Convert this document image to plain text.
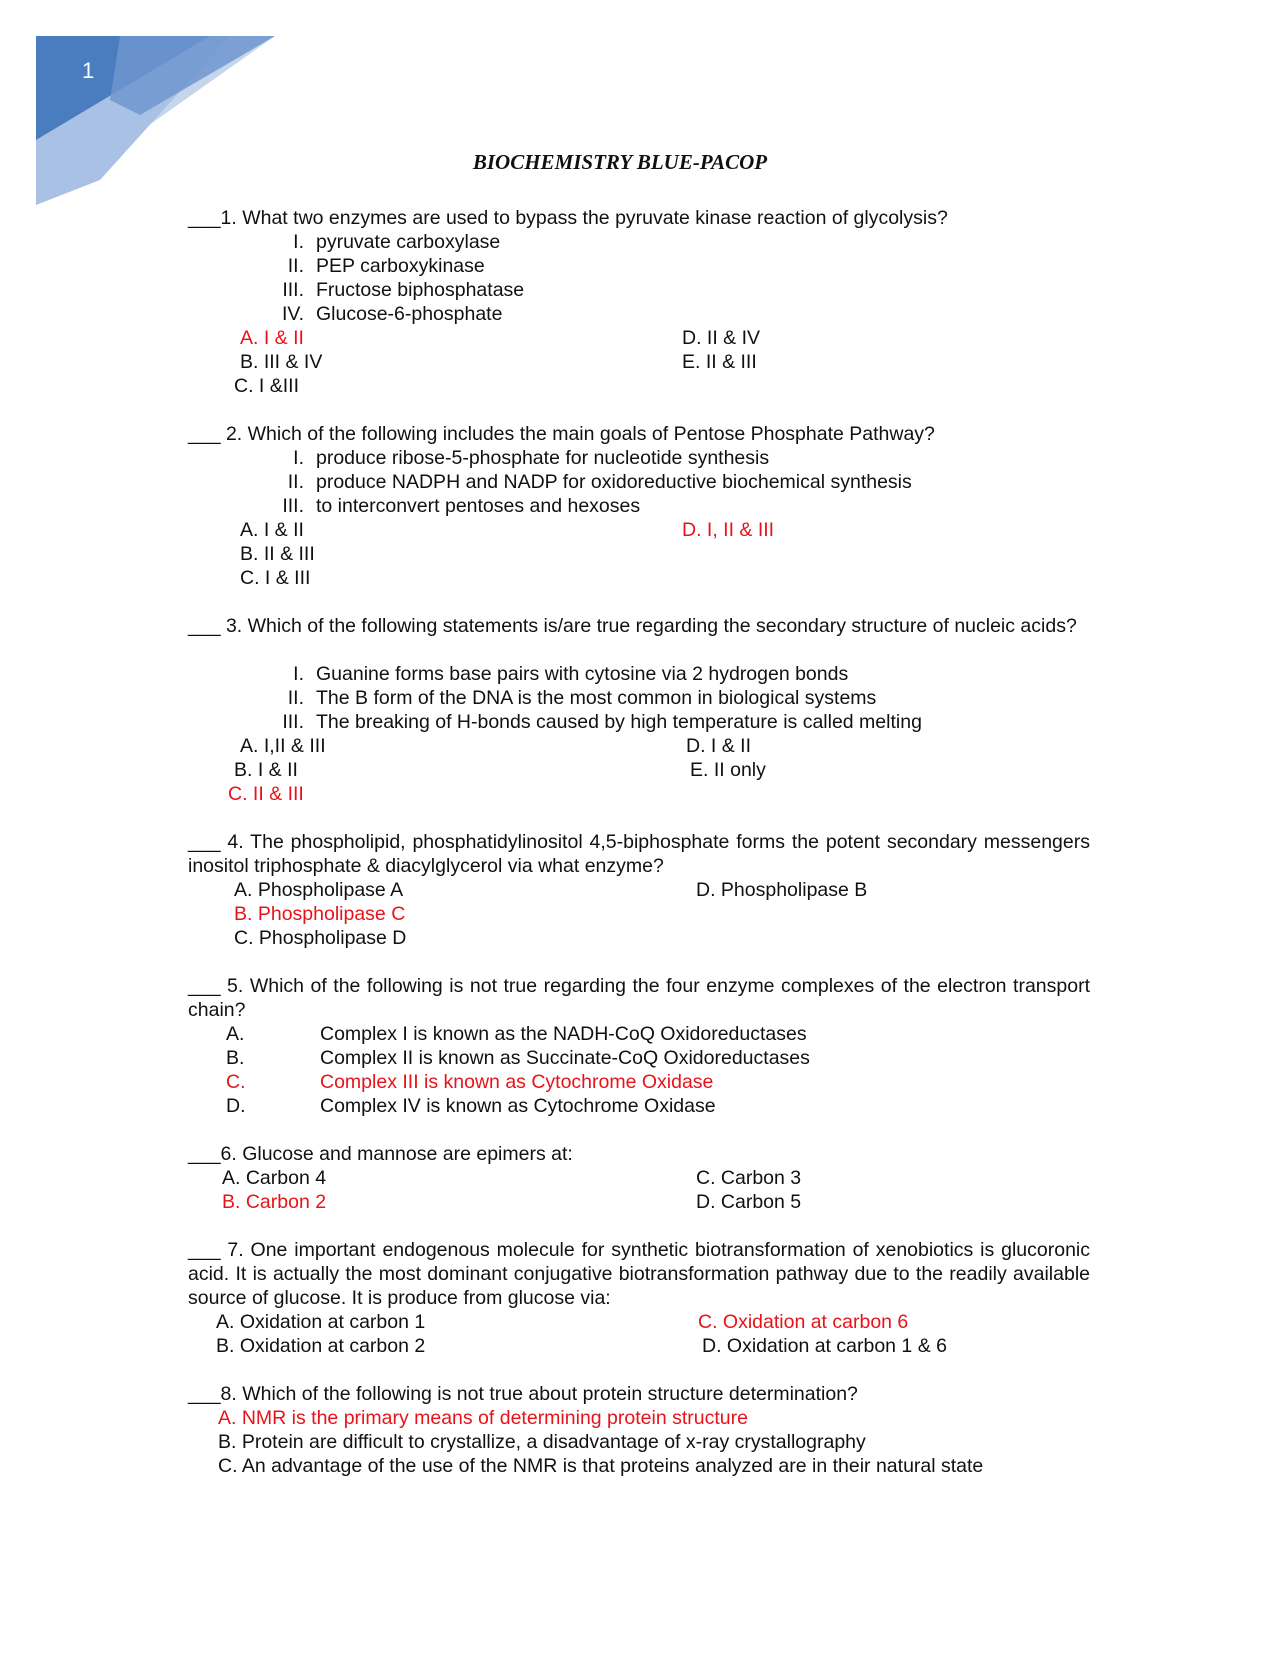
1
BIOCHEMISTRY BLUE-PACOP
___1. What two enzymes are used to bypass the pyruvate kinase reaction of glycolysis?
I. pyruvate carboxylase
II. PEP carboxykinase
III. Fructose biphosphatase
IV. Glucose-6-phosphate
A. I & II	D. II & IV
B. III & IV	E. II & III
C. I &III
___ 2. Which of the following includes the main goals of Pentose Phosphate Pathway?
I. produce ribose-5-phosphate for nucleotide synthesis
II. produce NADPH and NADP for oxidoreductive biochemical synthesis
III. to interconvert pentoses and hexoses
A. I & II	D. I, II & III
B. II & III
C. I & III
___ 3. Which of the following statements is/are true regarding the secondary structure of nucleic acids?
I. Guanine forms base pairs with cytosine via 2 hydrogen bonds
II. The B form of the DNA is the most common in biological systems
III. The breaking of H-bonds caused by high temperature is called melting
A. I,II & III	D. I & II
B. I & II	E. II only
C. II & III
___ 4. The phospholipid, phosphatidylinositol 4,5-biphosphate forms the potent secondary messengers inositol triphosphate & diacylglycerol via what enzyme?
A. Phospholipase A	D. Phospholipase B
B. Phospholipase C
C. Phospholipase D
___ 5. Which of the following is not true regarding the four enzyme complexes of the electron transport chain?
A.	Complex I is known as the NADH-CoQ Oxidoreductases
B.	Complex II is known as Succinate-CoQ Oxidoreductases
C.	Complex III is known as Cytochrome Oxidase
D.	Complex IV is known as Cytochrome Oxidase
___6. Glucose and mannose are epimers at:
A. Carbon 4	C. Carbon 3
B. Carbon 2	D. Carbon 5
___ 7. One important endogenous molecule for synthetic biotransformation of xenobiotics is glucoronic acid. It is actually the most dominant conjugative biotransformation pathway due to the readily available source of glucose. It is produce from glucose via:
A. Oxidation at carbon 1	C. Oxidation at carbon 6
B. Oxidation at carbon 2	D. Oxidation at carbon 1 & 6
___8. Which of the following is not true about protein structure determination?
A. NMR is the primary means of determining protein structure
B. Protein are difficult to crystallize, a disadvantage of x-ray crystallography
C. An advantage of the use of the NMR is that proteins analyzed are in their natural state
